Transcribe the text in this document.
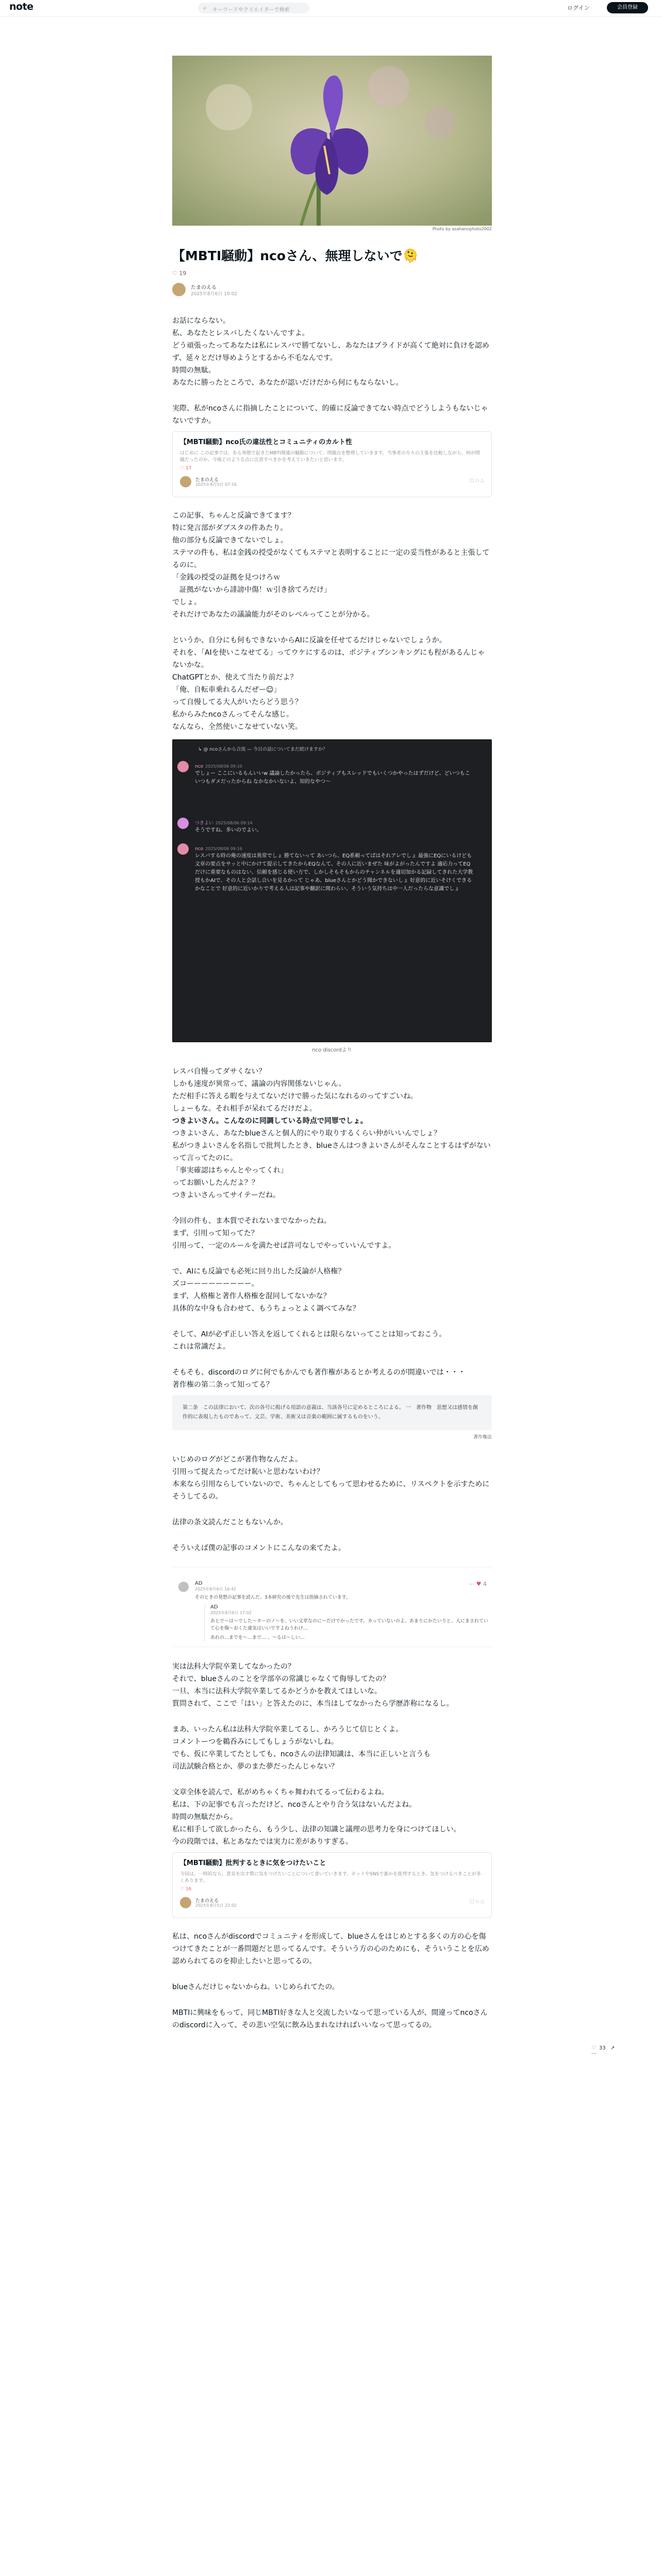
note	⌕ キーワードやクリエイターで検索	ログイン	会員登録
Photo by asahannphoto2002
【MBTI騒動】ncoさん、無理しないで🫠
♡ 19
たまのえる
2025年8月6日 10:02

お話にならない。

私、あなたとレスバしたくないんですよ。

どう頑張ったってあなたは私にレスバで勝てないし、あなたはプライドが高くて絶対に負けを認めず、延々とだけ辱めようとするから不毛なんです。

時間の無駄。

あなたに勝ったところで、あなたが認いだけだから何にもならないし。

実際、私がncoさんに指摘したことについて、的確に反論できてない時点でどうしようもないじゃないですか。

【MBTI騒動】nco氏の違法性とコミュニティのカルト性
はじめに この記事では、ある界隈で起きたMBTI関連の騒動について、問題点を整理していきます。当事者の方々の主張を比較しながら、何が問題だったのか、今後どのような点に注意すべきかを考えていきたいと思います。
♡ 17
たまのえる
2025年8月5日 07:16
□ ◇ △

この記事、ちゃんと反論できてます？

特に発言部がダブスタの件あたり。

他の部分も反論できてないでしょ。

ステマの件も、私は金銭の授受がなくてもステマと表明することに一定の妥当性があると主張してるのに。

「金銭の授受の証拠を見つけろｗ

　証拠がないから誹謗中傷！ｗ引き捨てろだけ」

でしょ。

それだけであなたの議論能力がそのレベルってことが分かる。

というか、自分にも何もできないからAIに反論を任せてるだけじゃないでしょうか。

それを、「AIを使いこなせてる」ってウケにするのは、ポジティブシンキングにも程があるんじゃないかな。

ChatGPTとか、使えて当たり前だよ？

「俺、自転車乗れるんだぜー☺」

って自慢してる大人がいたらどう思う？

私からみたncoさんってそんな感じ。

なんなら、全然使いこなせていない笑。

↳ @ ncoさんから合流 — 今日の話についてまだ続けますか？
nco 2025/08/06 09:10
でしょー ここにいるもんいいw 議論したかったら、ポジティブもスレッドでもいくつかやったはずだけど、どいつもこいつもダメだったからね なかなかいないよ、知的なやつ～
つきよい 2025/08/06 09:14
そうですね、多いのでよい。
nco 2025/08/06 09:16
レスバする時の俺の速度は異常でしょ 勝てないって あいつら、EQ系頼ってばはそれアレでしょ 最強にEQにいるけども 文章の要点をサッと中にかけて提示してきたからEQなんて、その人に近いまぜた 味がよがったんですよ 適応力ってEQだけに重要なものはない、信頼を感じる使い方で、しかしそもそもからのチャンネルを適切加かる記録してきれた大学教授もかAIで、その人と会話し合いを見るかって じゃあ、blueさんとかどう聞かできないしょ 好意的に近いそけくできるかなことで 好意的に近いかりで考える人は記事や翻訳に関わらい、そういう気持ちは中一人だったらな意識でしょ
nco discordより

レスバ自慢ってダサくない？

しかも速度が異常って、議論の内容関係ないじゃん。

ただ相手に答える暇を与えてないだけで勝った気になれるのってすごいね。

しょーもな。それ相手が呆れてるだけだよ。

つきよいさん。こんなのに同調している時点で同罪でしょ。

つきよいさん、あなたblueさんと個人的にやり取りするくらい仲がいいんでしょ？

私がつきよいさんを名指しで批判したとき、blueさんはつきよいさんがそんなことするはずがないって言ってたのに。

「事実確認はちゃんとやってくれ」

ってお願いしたんだよ？？

つきよいさんってサイテーだね。

今回の件も、ま本質でそれないまでなかったね。

まず、引用って知ってた？

引用って、一定のルールを満たせば許可なしでやっていいんですよ。

で、AIにも反論でも必死に回り出した反論が人格権？

ズコーーーーーーーーー。

まず、人格権と著作人格権を混同してないかな？

具体的な中身も合わせて、もうちょっとよく調べてみな？

そして、AIが必ず正しい答えを返してくれるとは限らないってことは知っておこう。

これは常識だよ。

そもそも、discordのログに何でもかんでも著作権があるとか考えるのが間違いでは・・・

著作権の第二条って知ってる？

第二条　この法律において、次の各号に掲げる用語の意義は、当該各号に定めるところによる。 一　著作物　思想又は感情を創作的に表現したものであって、文芸、学術、美術又は音楽の範囲に属するものをいう。
著作権法

いじめのログがどこが著作物なんだよ。

引用って捉えたってだけ恥いと思わないわけ？

本来なら引用ならしていないので、ちゃんとしてもって思わせるために、リスペクトを示すためにそうしてるの。

法律の条文読んだこともないんか。

そういえば僕の記事のコメントにこんなの来てたよ。

AD
2025年8月6日 16:42
そのときの発想の記事を読んだ。3本研究の後で先生は指摘されています。
⋯ ♥ 4
AD
2025年8月6日 17:02
あとで〜は〜でした〜ターのノ〜を、いい文章なのに〜だけでかったです。カっていないのよ。あまりにかたいりと、人にまされていて心を傷〜おくた違気はいいですよねうわけ…
あれの…までを〜…まで… 、〜るは〜しい…

実は法科大学院卒業してなかったの？

それで、blueさんのことを学部卒の常識じゃなくて侮辱してたの？

一旦、本当に法科大学院卒業してるかどうかを教えてほしいな。

質問されて、ここで「はい」と答えたのに、本当はしてなかったら学歴詐称になるし。

まあ、いったん私は法科大学院卒業してるし、かろうじて信じとくよ。

コメントーつを鵜呑みにしてもしょうがないしね。

でも、仮に卒業してたとしても、ncoさんの法律知識は、本当に正しいと言うも

司法試験合格とか、夢のまた夢だったんじゃない？

文章全体を読んで、私がめちゃくちゃ舞われてるって伝わるよね。

私は、下の記事でも言っただけど、ncoさんとやり合う気はないんだよね。

時間の無駄だから。

私に相手して欲しかったら、もう少し、法律の知識と議理の思考力を身につけてほしい。

今の段階では、私とあなたでは実力に差がありすぎる。

【MBTI騒動】批判するときに気をつけたいこと
今回は、一時的なら、意見を出す際に気をつけたいことについて書いていきます。ネットやSNSで誰かを批判するとき、気をつけるべきことが多くあります。
♡ 16
たまのえる
2025年8月5日 22:02
□ ◇ △

私は、ncoさんがdiscordでコミュニティを形成して、blueさんをはじめとする多くの方の心を傷つけてきたことが一番問題だと思ってるんです。そういう方の心のためにも、そういうことを広め認められてるのを抑止したいと思ってるの。

blueさんだけじゃないからね。いじめられてたの。

MBTIに興味をもって、同じMBTI好きな人と交流したいなって思っている人が、間違ってncoさんのdiscordに入って、その悲い空気に飲み込まれなければいいなって思ってるの。

♡ 33 ↗ ⋯
